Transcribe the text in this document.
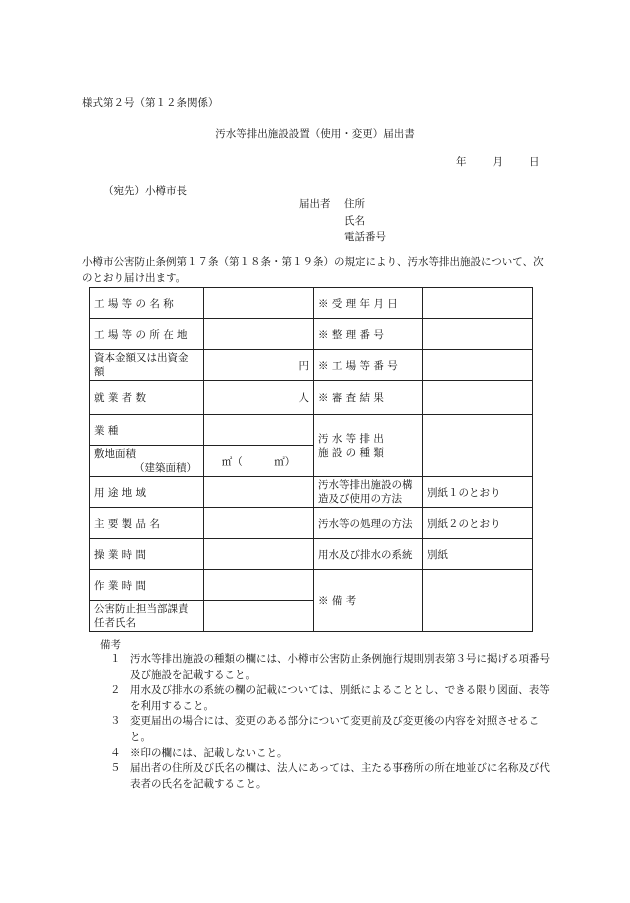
様式第２号（第１２条関係）
汚水等排出施設設置（使用・変更）届出書
年 月 日
（宛先）小樽市長
届出者 住所
氏名
電話番号
小樽市公害防止条例第１７条（第１８条・第１９条）の規定により、汚水等排出施設について、次のとおり届け出ます。
工 場 等 の 名 称		※ 受 理 年 月 日	
工 場 等 の 所 在 地		※ 整 理 番 号	

資本金額又は出資金
額	円	※ 工 場 等 番 号	
就 業 者 数	人	※ 審 査 結 果	
業 種		汚 水 等 排 出
施 設 の 種 類	

敷地面積
（建築面積）	㎡（　　　㎡）		
用 途 地 域		汚水等排出施設の構
造及び使用の方法	別紙１のとおり
主 要 製 品 名		汚水等の処理の方法	別紙２のとおり
操 業 時 間		用水及び排水の系統	別紙
作 業 時 間		※ 備 考	

公害防止担当部課責
任者氏名			

備考
１ 汚水等排出施設の種類の欄には、小樽市公害防止条例施行規則別表第３号に掲げる項番号及び施設を記載すること。
２ 用水及び排水の系統の欄の記載については、別紙によることとし、できる限り図面、表等を利用すること。
３ 変更届出の場合には、変更のある部分について変更前及び変更後の内容を対照させること。
４ ※印の欄には、記載しないこと。
５ 届出者の住所及び氏名の欄は、法人にあっては、主たる事務所の所在地並びに名称及び代表者の氏名を記載すること。
